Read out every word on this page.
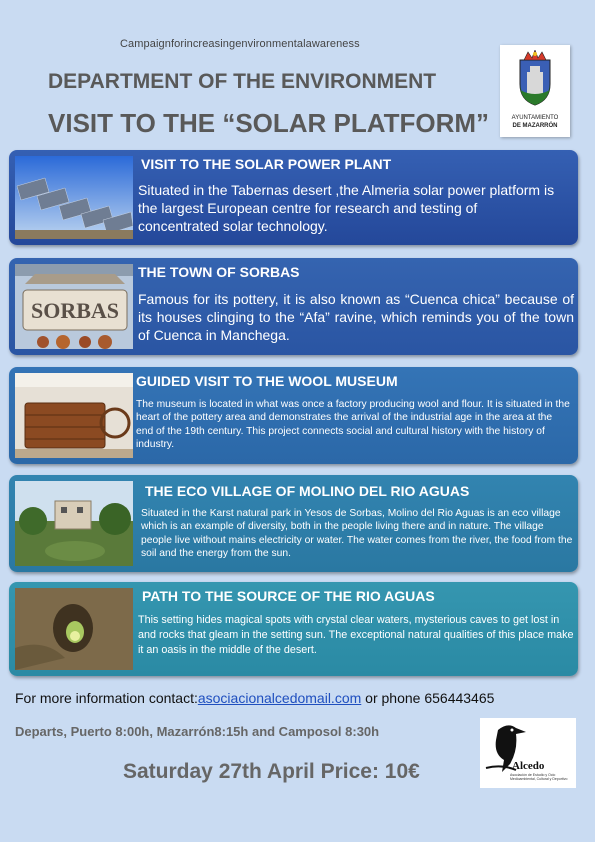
Campaignforincreasingenvironmentalawareness
DEPARTMENT OF THE ENVIRONMENT
VISIT TO THE “SOLAR PLATFORM”	AYUNTAMIENTO
DE MAZARRÓN
VISIT TO THE SOLAR POWER PLANT
Situated in the Tabernas desert ,the Almeria solar power platform is the largest European centre for research and testing of concentrated solar technology.
SORBAS
THE TOWN OF SORBAS
Famous for its pottery, it is also known as “Cuenca chica” because of its houses clinging to the “Afa” ravine, which reminds you of the town of Cuenca in Manchega.
GUIDED VISIT TO THE WOOL MUSEUM
The museum is located in what was once a factory producing wool and flour. It is situated in the heart of the pottery area and demonstrates the arrival of the industrial age in the area at the end of the 19th century. This project connects social and cultural history with the history of industry.
THE ECO VILLAGE OF MOLINO DEL RIO AGUAS
Situated in the Karst natural park in Yesos de Sorbas, Molino del Rio Aguas is an eco village which is an example of diversity, both in the people living there and in nature. The village people live without mains electricity or water. The water comes from the river, the food from the soil and the energy from the sun.
PATH TO THE SOURCE OF THE RIO AGUAS
This setting hides magical spots with crystal clear waters, mysterious caves to get lost in and rocks that gleam in the setting sun. The exceptional natural qualities of this place make it an oasis in the middle of the desert.
For more information contact:asociacionalcedomail.com or phone 656443465
Departs, Puerto 8:00h, Mazarrón8:15h and Camposol 8:30h
Saturday 27th April Price: 10€	Alcedo
Asociación de Estudio y Ocio Medioambiental, Cultural y Deportivo
